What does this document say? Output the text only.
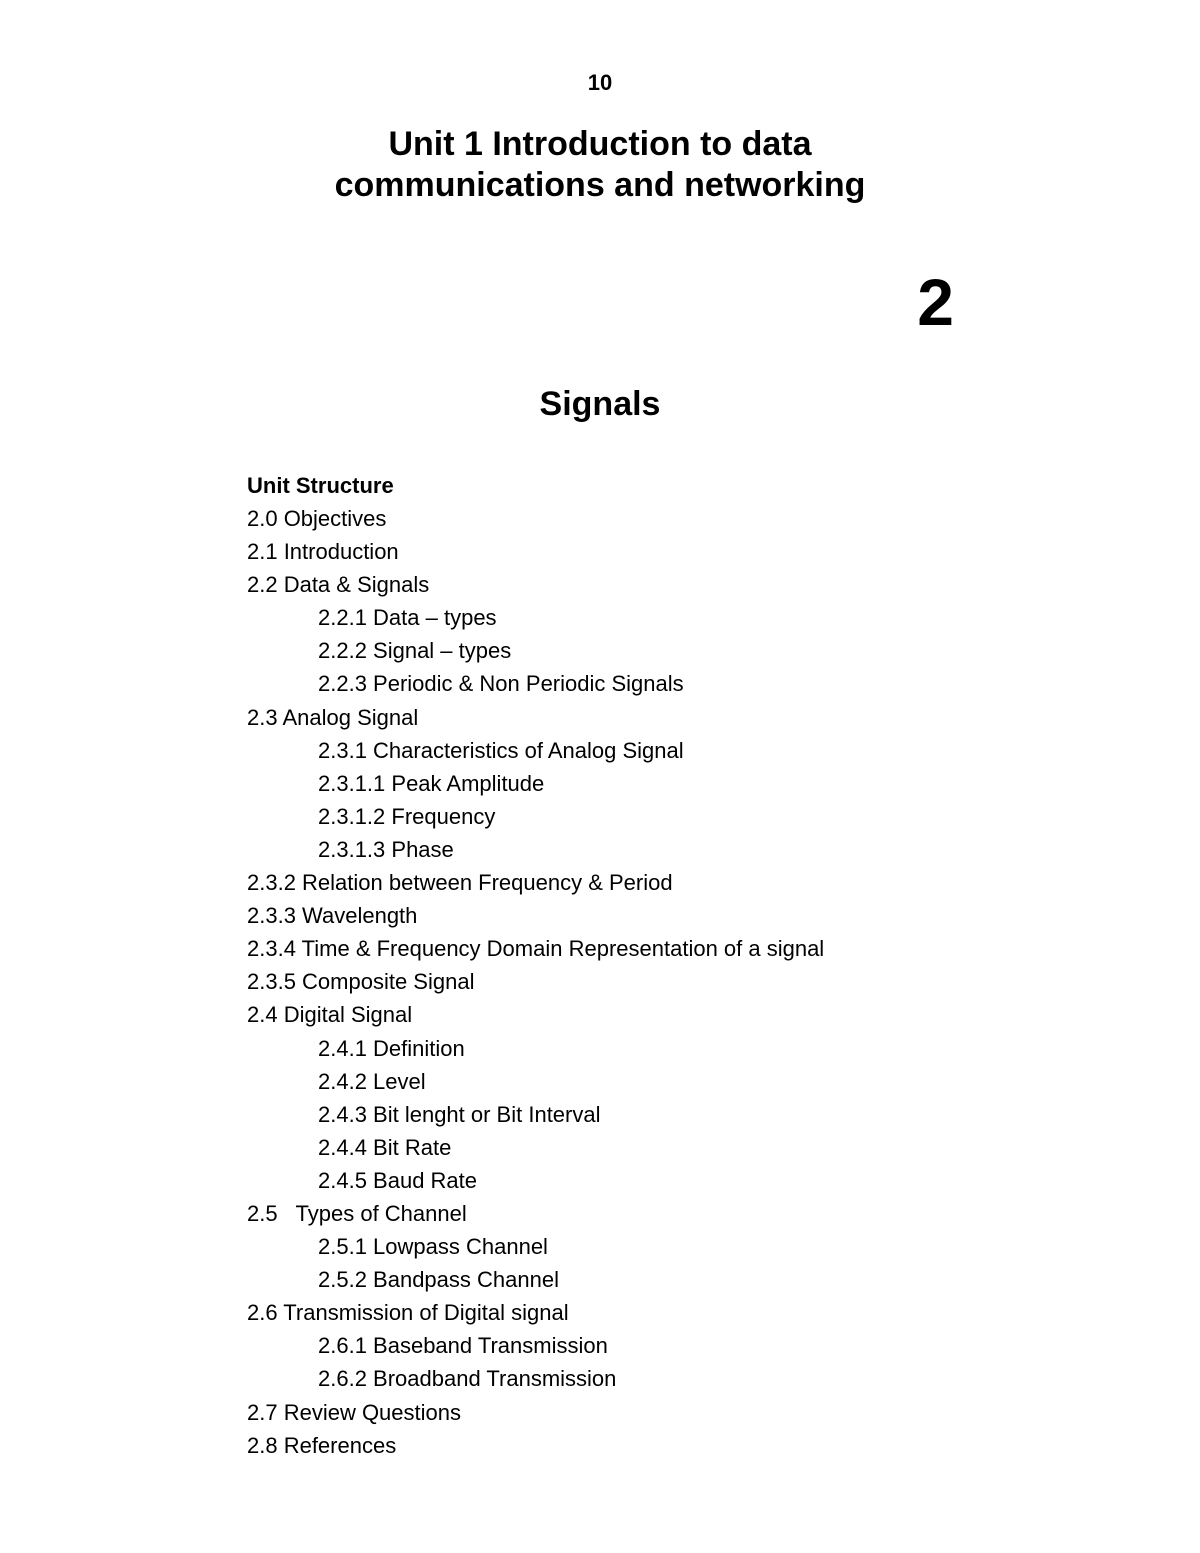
10
Unit 1 Introduction to data
communications and networking
2
Signals
Unit Structure
2.0 Objectives
2.1 Introduction
2.2 Data & Signals
2.2.1 Data – types
2.2.2 Signal – types
2.2.3 Periodic & Non Periodic Signals
2.3 Analog Signal
2.3.1 Characteristics of Analog Signal
2.3.1.1 Peak Amplitude
2.3.1.2 Frequency
2.3.1.3 Phase
2.3.2 Relation between Frequency & Period
2.3.3 Wavelength
2.3.4 Time & Frequency Domain Representation of a signal
2.3.5 Composite Signal
2.4 Digital Signal
2.4.1 Definition
2.4.2 Level
2.4.3 Bit lenght or Bit Interval
2.4.4 Bit Rate
2.4.5 Baud Rate
2.5   Types of Channel
2.5.1 Lowpass Channel
2.5.2 Bandpass Channel
2.6 Transmission of Digital signal
2.6.1 Baseband Transmission
2.6.2 Broadband Transmission
2.7 Review Questions
2.8 References
